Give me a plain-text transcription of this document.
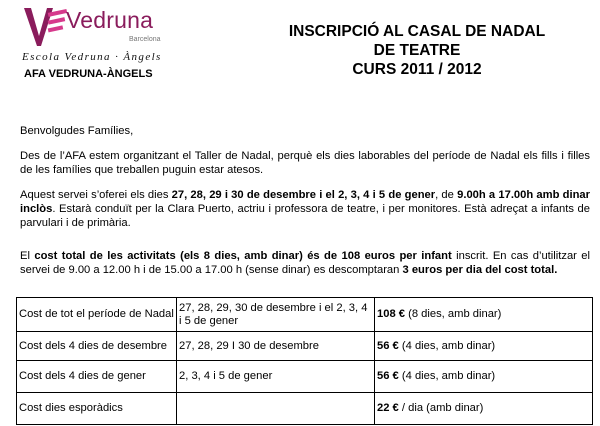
Vedruna
Barcelona
Escola Vedruna · Àngels
AFA VEDRUNA-ÀNGELS
INSCRIPCIÓ AL CASAL DE NADAL
DE TEATRE
CURS 2011 / 2012
Benvolgudes Famílies,
Des de l’AFA estem organitzant el Taller de Nadal, perquè els dies laborables del període de Nadal els fills i filles de les famílies que treballen puguin estar atesos.
Aquest servei s’oferei els dies 27, 28, 29 i 30 de desembre i el 2, 3, 4 i 5 de gener, de 9.00h a 17.00h amb dinar inclòs. Estarà conduït per la Clara Puerto, actriu i professora de teatre, i per monitores. Està adreçat a infants de parvulari i de primària.
El cost total de les activitats (els 8 dies, amb dinar) és de 108 euros per infant inscrit. En cas d’utilitzar el servei de 9.00 a 12.00 h i de 15.00 a 17.00 h (sense dinar) es descomptaran 3 euros per dia del cost total.
Cost de tot el període de Nadal	27, 28, 29, 30 de desembre i el 2, 3, 4 i 5 de gener	108 € (8 dies, amb dinar)
Cost dels 4 dies de desembre	27, 28, 29 I 30 de desembre	56 € (4 dies, amb dinar)
Cost dels 4 dies de gener	2, 3, 4 i 5 de gener	56 € (4 dies, amb dinar)
Cost dies esporàdics		22 € / dia (amb dinar)
